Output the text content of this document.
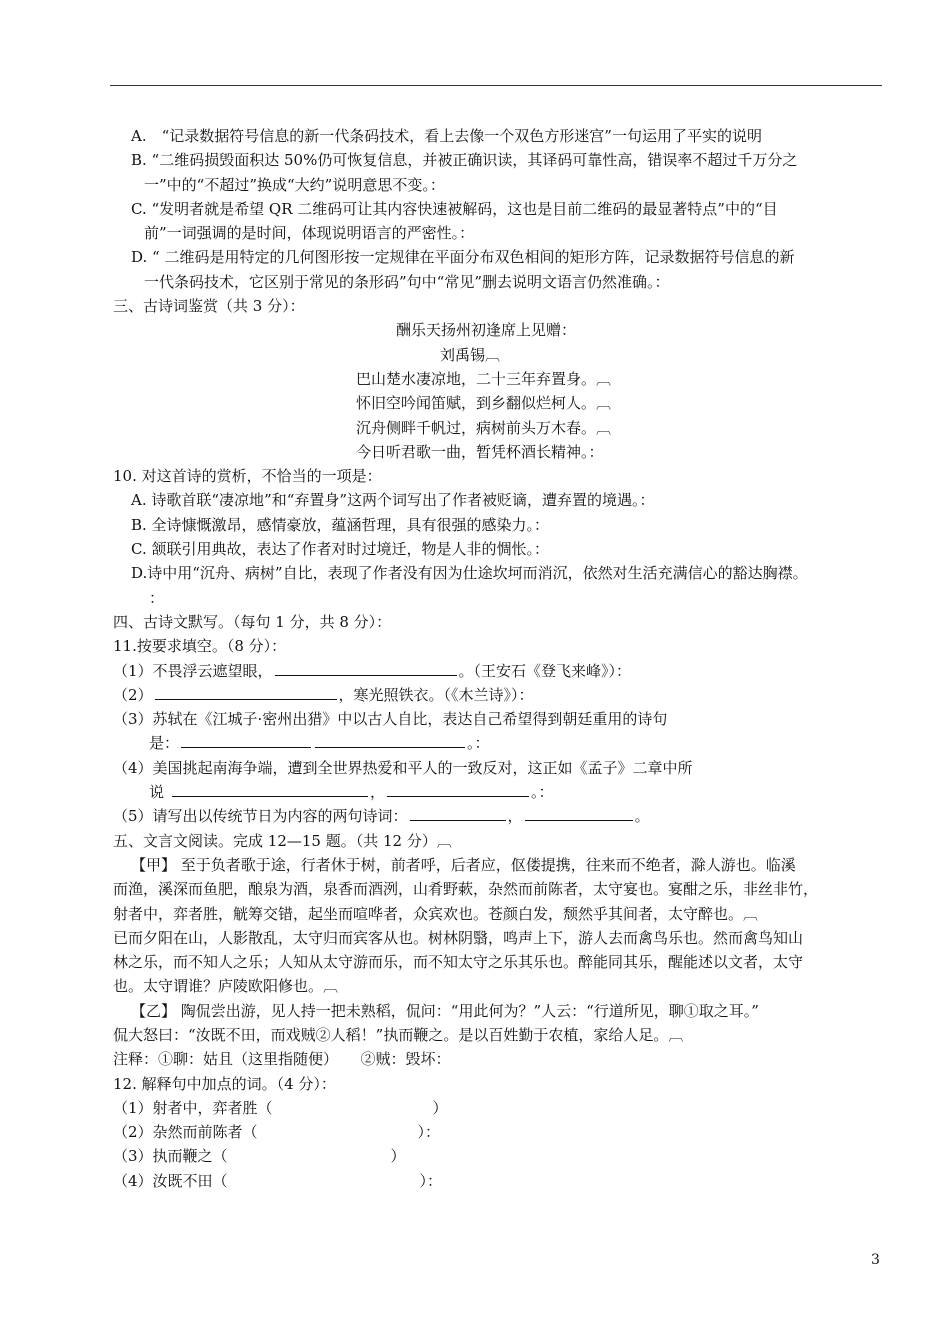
A.　“记录数据符号信息的新一代条码技术，看上去像一个双色方形迷宫”一句运用了平实的说明
B. “二维码损毁面积达 50%仍可恢复信息，并被正确识读，其译码可靠性高，错误率不超过千万分之
一”中的“不超过”换成“大约”说明意思不变。：
C. “发明者就是希望 QR 二维码可让其内容快速被解码，这也是目前二维码的最显著特点”中的“目
前”一词强调的是时间，体现说明语言的严密性。：
D. “ 二维码是用特定的几何图形按一定规律在平面分布双色相间的矩形方阵，记录数据符号信息的新
一代条码技术，它区别于常见的条形码”句中“常见”删去说明文语言仍然准确。：
三、古诗词鉴赏（共 3 分）：
酬乐天扬州初逢席上见赠：
刘禹锡︹
巴山楚水凄凉地，二十三年弃置身。︹
怀旧空吟闻笛赋，到乡翻似烂柯人。︹
沉舟侧畔千帆过，病树前头万木春。︹
今日听君歌一曲，暂凭杯酒长精神。：
10. 对这首诗的赏析，不恰当的一项是：
A. 诗歌首联“凄凉地”和“弃置身”这两个词写出了作者被贬谪，遭弃置的境遇。：
B. 全诗慷慨激昂，感情豪放，蕴涵哲理，具有很强的感染力。：
C. 颔联引用典故，表达了作者对时过境迁，物是人非的惆怅。：
D.诗中用“沉舟、病树”自比，表现了作者没有因为仕途坎坷而消沉，依然对生活充满信心的豁达胸襟。
：
四、古诗文默写。（每句 1 分，共 8 分）：
11.按要求填空。（8 分）：
（1）不畏浮云遮望眼，	。（王安石《登飞来峰》）：
（2）	，寒光照铁衣。（《木兰诗》）：
（3）苏轼在《江城子·密州出猎》中以古人自比，表达自己希望得到朝廷重用的诗句
是：	。：
（4）美国挑起南海争端，遭到全世界热爱和平人的一致反对，这正如《孟子》二章中所
说	，	。：
（5）请写出以传统节日为内容的两句诗词：	，	。
五、文言文阅读。完成 12—15 题。（共 12 分）︹
【甲】 至于负者歌于途，行者休于树，前者呼，后者应，伛偻提携，往来而不绝者，滁人游也。临溪
而渔，溪深而鱼肥，酿泉为酒，泉香而酒洌，山肴野蔌，杂然而前陈者，太守宴也。宴酣之乐，非丝非竹，
射者中，弈者胜，觥筹交错，起坐而喧哗者，众宾欢也。苍颜白发，颓然乎其间者，太守醉也。︹
已而夕阳在山，人影散乱，太守归而宾客从也。树林阴翳，鸣声上下，游人去而禽鸟乐也。然而禽鸟知山
林之乐，而不知人之乐；人知从太守游而乐，而不知太守之乐其乐也。醉能同其乐，醒能述以文者，太守
也。太守谓谁？庐陵欧阳修也。︹
【乙】 陶侃尝出游，见人持一把未熟稻，侃问：“用此何为？”人云：“行道所见，聊①取之耳。”
侃大怒曰：“汝既不田，而戏贼②人稻！”执而鞭之。是以百姓勤于农植，家给人足。︹
注释：①聊：姑且（这里指随便）　　②贼：毁坏：
12. 解释句中加点的词。（4 分）：
（1）射者中，弈者胜（	）
（2）杂然而前陈者（	）：
（3）执而鞭之（	）
（4）汝既不田（	）：
3
